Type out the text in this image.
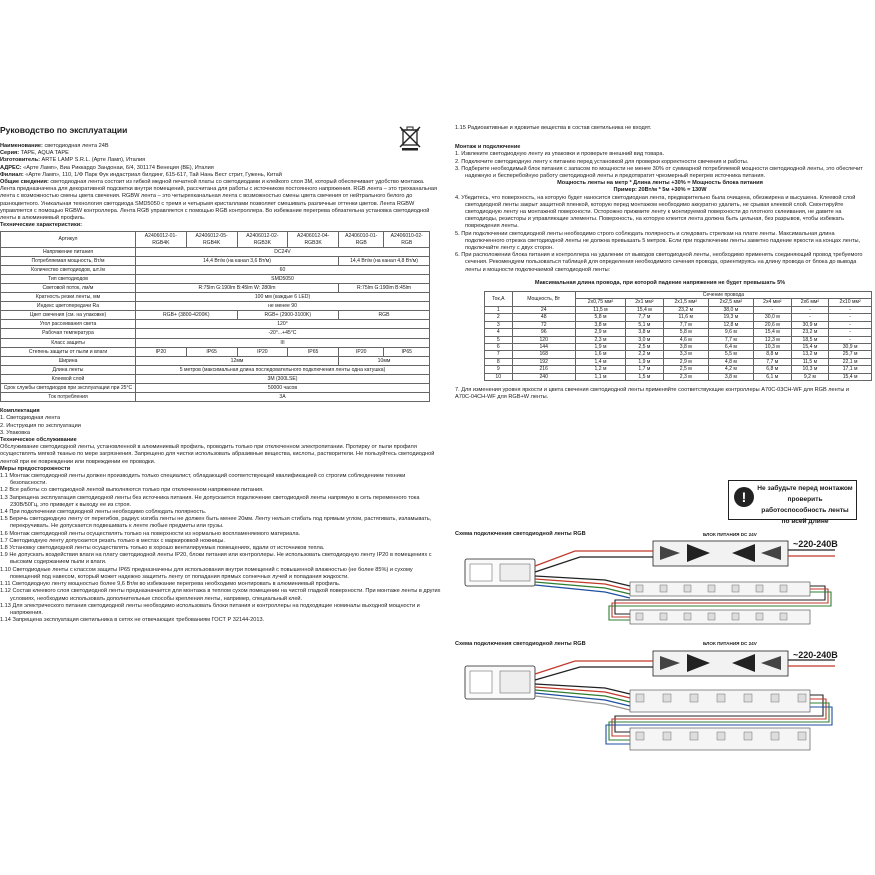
Руководство по эксплуатации
Наименование: светодиодная лента 24В
Серия: TAPE, AQUA TAPE
Изготовитель: ARTE LAMP S.R.L. (Арте Ламп), Италия
АДРЕС: «Арте Ламп», Виа Риккардо Зандонаи, 6/4, 301174 Венеция (ВЕ), Италия
Филиал: «Арте Ламп», 110, 1/Ф Парк Фук индастриал билдинг, 615-617, Тай Нань Вест стрит, Гужень, Китай
Общие сведения: светодиодная лента состоит из гибкой медной печатной платы со светодиодами и клейкого слоя 3М, который обеспечивает удобство монтажа. Лента предназначена для декоративной подсветки внутри помещений, рассчитана для работы с источником постоянного напряжения. RGB лента – это трехканальная лента с возможностью смены цвета свечения. RGBW лента – это четырехканальная лента с возможностью смены цвета свечения от нейтрального белого до разноцветного. Уникальная технология светодиода SMD5050 с тремя и четырьмя кристаллами позволяет смешивать различные оттенки цветов. Лента RGBW управляется с помощью RGBW контроллера. Лента RGB управляется с помощью RGB контроллера. Во избежание перегрева обязательна установка светодиодной ленты в алюминиевый профиль.
Технические характеристики:
Артикул	A2406012-01-RGB4K	A2406012-05-RGB4K	A2406012-02-RGB3K	A2406012-04-RGB3K	A2406010-01-RGB	A2406010-02-RGB
Напряжение питания	DC24V					
Потребляемая мощность, Вт/м	14,4 Вт/м (на канал 3,6 Вт/м)				14,4 Вт/м (на канал 4,8 Вт/м)	
Количество светодиодов, шт./м	60					
Тип светодиодов	SMD5050					
Световой поток, лм/м	R:75lm G:190lm B:45lm W: 280lm				R:75lm G:190lm B:45lm	
Кратность резки ленты, мм	100 мм (каждые 6 LED)					
Индекс цветопередачи Ra	не менее 90					
Цвет свечения (см. на упаковке)	RGB+ (3800-4200K)		RGB+ (2900-3100K)		RGB	
Угол рассеивания света	120°					
Рабочая температура	-20°...+45°C					
Класс защиты	III					
Степень защиты от пыли и влаги	IP20	IP65	IP20	IP65	IP20	IP65
Ширина	12мм				10мм	
Длина ленты	5 метров (максимальная длина последовательного подключения ленты одна катушка)					
Клеевой слой	3M (300LSE)					
Срок службы светодиодов при эксплуатации при 25°С	50000 часов					
Ток потребления	3A					
Комплектация
1. Светодиодная лента
2. Инструкция по эксплуатации
3. Упаковка
Техническое обслуживание
Обслуживание светодиодной ленты, установленной в алюминиевый профиль, проводить только при отключенном электропитании. Протирку от пыли профиля осуществлять мягкой тканью по мере загрязнения. Запрещено для чистки использовать абразивные вещества, кислоты, растворители. Не пользуйтесь светодиодной лентой при ее повреждении или повреждении ее проводки.
Меры предосторожности
1.1 Монтаж светодиодной ленты должен производить только специалист, обладающий соответствующей квалификацией со строгим соблюдением техники безопасности.
1.2 Все работы со светодиодной лентой выполняются только при отключенном напряжении питания.
1.3 Запрещена эксплуатация светодиодной ленты без источника питания. Не допускается подключение светодиодной ленты напрямую в сеть переменного тока 230В/50Гц, это приведет к выходу ее из строя.
1.4 При подключении светодиодной ленты необходимо соблюдать полярность.
1.5 Беречь светодиодную ленту от перегибов, радиус изгиба ленты не должен быть менее 20мм. Ленту нельзя стибать под прямым углом, растягивать, изламывать, перекручивать. Не допускается подвешивать к ленте любые предметы или грузы.
1.6 Монтаж светодиодной ленты осуществлять только на поверхности из нормально воспламеняемого материала.
1.7 Светодиодную ленту допускается резать только в местах с маркировкой ножницы.
1.8 Установку светодиодной ленты осуществлять только в хорошо вентилируемых помещениях, вдали от источников тепла.
1.9 Не допускать воздействия влаги на плату светодиодной ленты IP20, блоки питания или контроллеры. Не использовать светодиодную ленту IP20 в помещениях с высоким содержанием пыли и влаги.
1.10 Светодиодные ленты с классом защиты IP65 предназначены для использования внутри помещений с повышенной влажностью (не более 85%) и сухому помещений под навесом, который может надежно защитить ленту от попадания прямых солнечных лучей и попадания жидкости.
1.11 Светодиодную ленту мощностью более 9,6 Вт/м во избежание перегрева необходимо монтировать в алюминиевый профиль.
1.12 Состав клеевого слоя светодиодной ленты предназначается для монтажа в теплом сухом помещении на чистой гладкой поверхности. При монтаже ленты в других условиях, необходимо использовать дополнительные способы крепления ленты, например, специальный клей.
1.13 Для электрического питания светодиодной ленты необходимо использовать блоки питания и контроллеры на подходящие номиналы выходной мощности и напряжения.
1.14 Запрещена эксплуатация светильника в сетях не отвечающих требованиям ГОСТ Р 32144-2013.
1.15 Радиоактивные и ядовитые вещества в состав светильника не входят.
Монтаж и подключение
1. Извлеките светодиодную ленту из упаковки и проверьте внешний вид товара.
2. Подключите светодиодную ленту к питанию перед установкой для проверки корректности свечения и работы.
3. Подберите необходимый блок питания с запасом по мощности не менее 30% от суммарной потребляемой мощности светодиодной ленты, это обеспечит надежную и бесперебойную работу светодиодной ленты и предотвратит чрезмерный перегрев источника питания.
Мощность ленты на метр * Длина ленты +30% = Мощность блока питания
Пример: 20Вт/м * 5м +30% = 130W
4. Убедитесь, что поверхность, на которую будет наносится светодиодная лента, предварительно была очищена, обезжирена и высушена. Клеевой слой светодиодной ленты закрыт защитной пленкой, которую перед монтажом необходимо аккуратно удалить, не срывая клеевой слой. Смонтируйте светодиодную ленту на монтажной поверхности. Осторожно прижмите ленту к монтируемой поверхности до плотного склеивания, не давите на светодиоды, резисторы и управляющие элементы. Поверхность, на которую клеится лента должна быть цельная, без разрывов, чтобы избежать повреждения ленты.
5. При подключении светодиодной ленты необходимо строго соблюдать полярность и следовать стрелкам на плате ленты. Максимальная длина подключенного отрезка светодиодной ленты не должна превышать 5 метров. Если при подключении ленты заметно падение яркости на концах ленты, подключайте ленту с двух сторон.
6. При расположении блока питания и контроллера на удалении от выводов светодиодной ленты, необходимо применять соединяющий провод требуемого сечения. Рекомендуем пользоваться таблицей для определения необходимого сечения провода, ориентируясь на длину провода от блока до вывода ленты и мощности подключаемой светодиодной ленты:
Максимальная длина провода, при которой падение напряжения не будет превышать 5%
Ток,А	Мощность, Вт	Сечение провода						
		2x0,75 мм²	2x1 мм²	2x1,5 мм²	2x2,5 мм²	2x4 мм²	2x6 мм²	2x10 мм²
1	24	11,5 м	15,4 м	23,2 м	38,0 м	-	-	-
2	48	5,8 м	7,7 м	11,6 м	19,3 м	30,0 м	-	-
3	72	3,8 м	5,1 м	7,7 м	12,8 м	20,6 м	30,9 м	-
4	96	2,9 м	3,8 м	5,8 м	9,6 м	15,4 м	23,2 м	-
5	120	2,3 м	3,0 м	4,6 м	7,7 м	12,3 м	18,5 м	-
6	144	1,9 м	2,5 м	3,8 м	6,4 м	10,3 м	15,4 м	30,9 м
7	168	1,6 м	2,2 м	3,3 м	5,5 м	8,8 м	13,2 м	25,7 м
8	192	1,4 м	1,9 м	2,9 м	4,8 м	7,7 м	11,5 м	22,1 м
9	216	1,2 м	1,7 м	2,5 м	4,2 м	6,8 м	10,3 м	17,1 м
10	240	1,1 м	1,5 м	2,3 м	3,8 м	6,1 м	9,2 м	15,4 м
7. Для изменения уровня яркости и цвета свечения светодиодной ленты применяйте соответствующие контроллеры A70C-03CH-WF для RGB ленты и A70C-04CH-WF для RGB+W ленты.
!
Не забудьте перед монтажом проверить работоспособность ленты по всей длине
Схема подключения светодиодной ленты RGB	БЛОК ПИТАНИЯ DC 24V
~220-240В
Схема подключения светодиодной ленты RGB	БЛОК ПИТАНИЯ DC 24V
~220-240В
